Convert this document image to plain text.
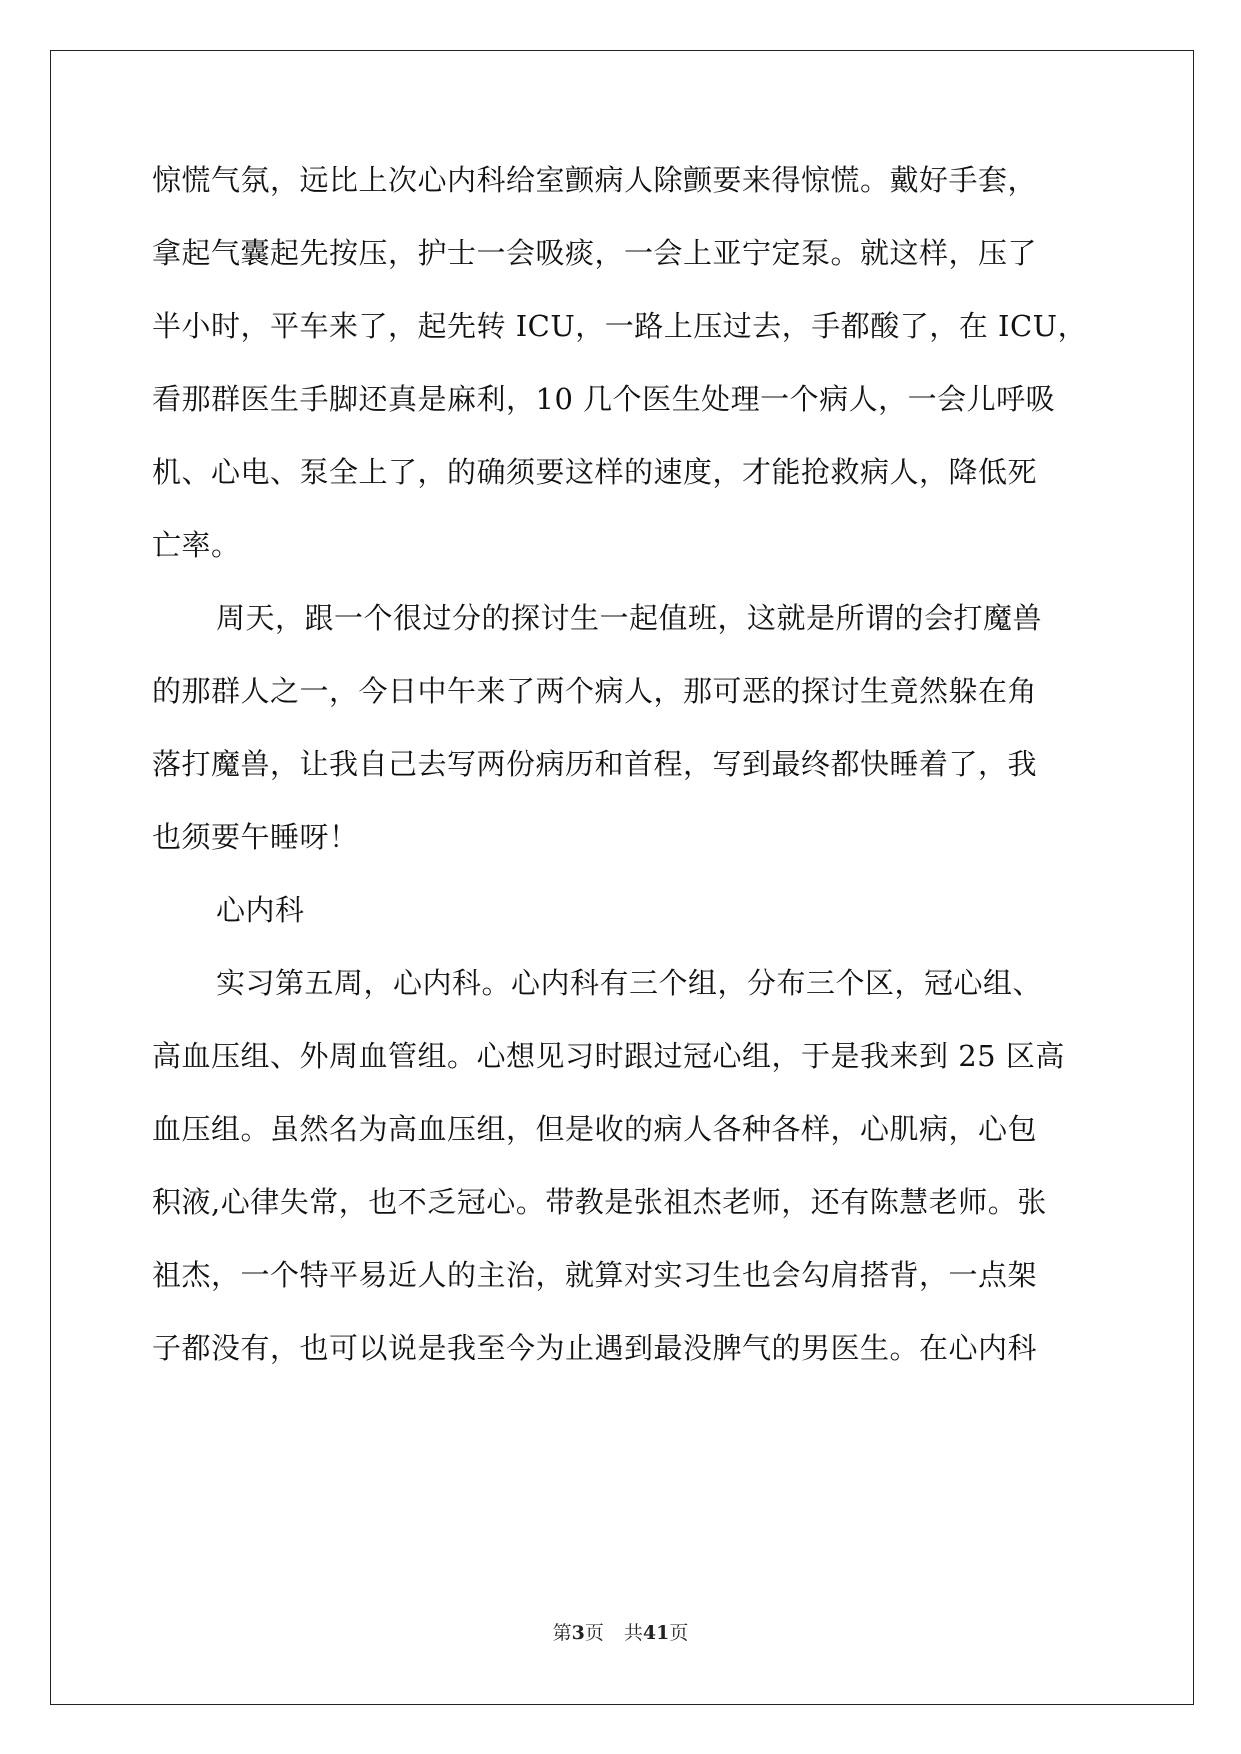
惊慌气氛，远比上次心内科给室颤病人除颤要来得惊慌。戴好手套，
拿起气囊起先按压，护士一会吸痰，一会上亚宁定泵。就这样，压了
半小时，平车来了，起先转 ICU，一路上压过去，手都酸了，在 ICU，
看那群医生手脚还真是麻利，10 几个医生处理一个病人，一会儿呼吸
机、心电、泵全上了，的确须要这样的速度，才能抢救病人，降低死
亡率。
周天，跟一个很过分的探讨生一起值班，这就是所谓的会打魔兽
的那群人之一，今日中午来了两个病人，那可恶的探讨生竟然躲在角
落打魔兽，让我自己去写两份病历和首程，写到最终都快睡着了，我
也须要午睡呀！
心内科
实习第五周，心内科。心内科有三个组，分布三个区，冠心组、
高血压组、外周血管组。心想见习时跟过冠心组，于是我来到 25 区高
血压组。虽然名为高血压组，但是收的病人各种各样，心肌病，心包
积液,心律失常，也不乏冠心。带教是张祖杰老师，还有陈慧老师。张
祖杰，一个特平易近人的主治，就算对实习生也会勾肩搭背，一点架
子都没有，也可以说是我至今为止遇到最没脾气的男医生。在心内科
第3页 共41页
